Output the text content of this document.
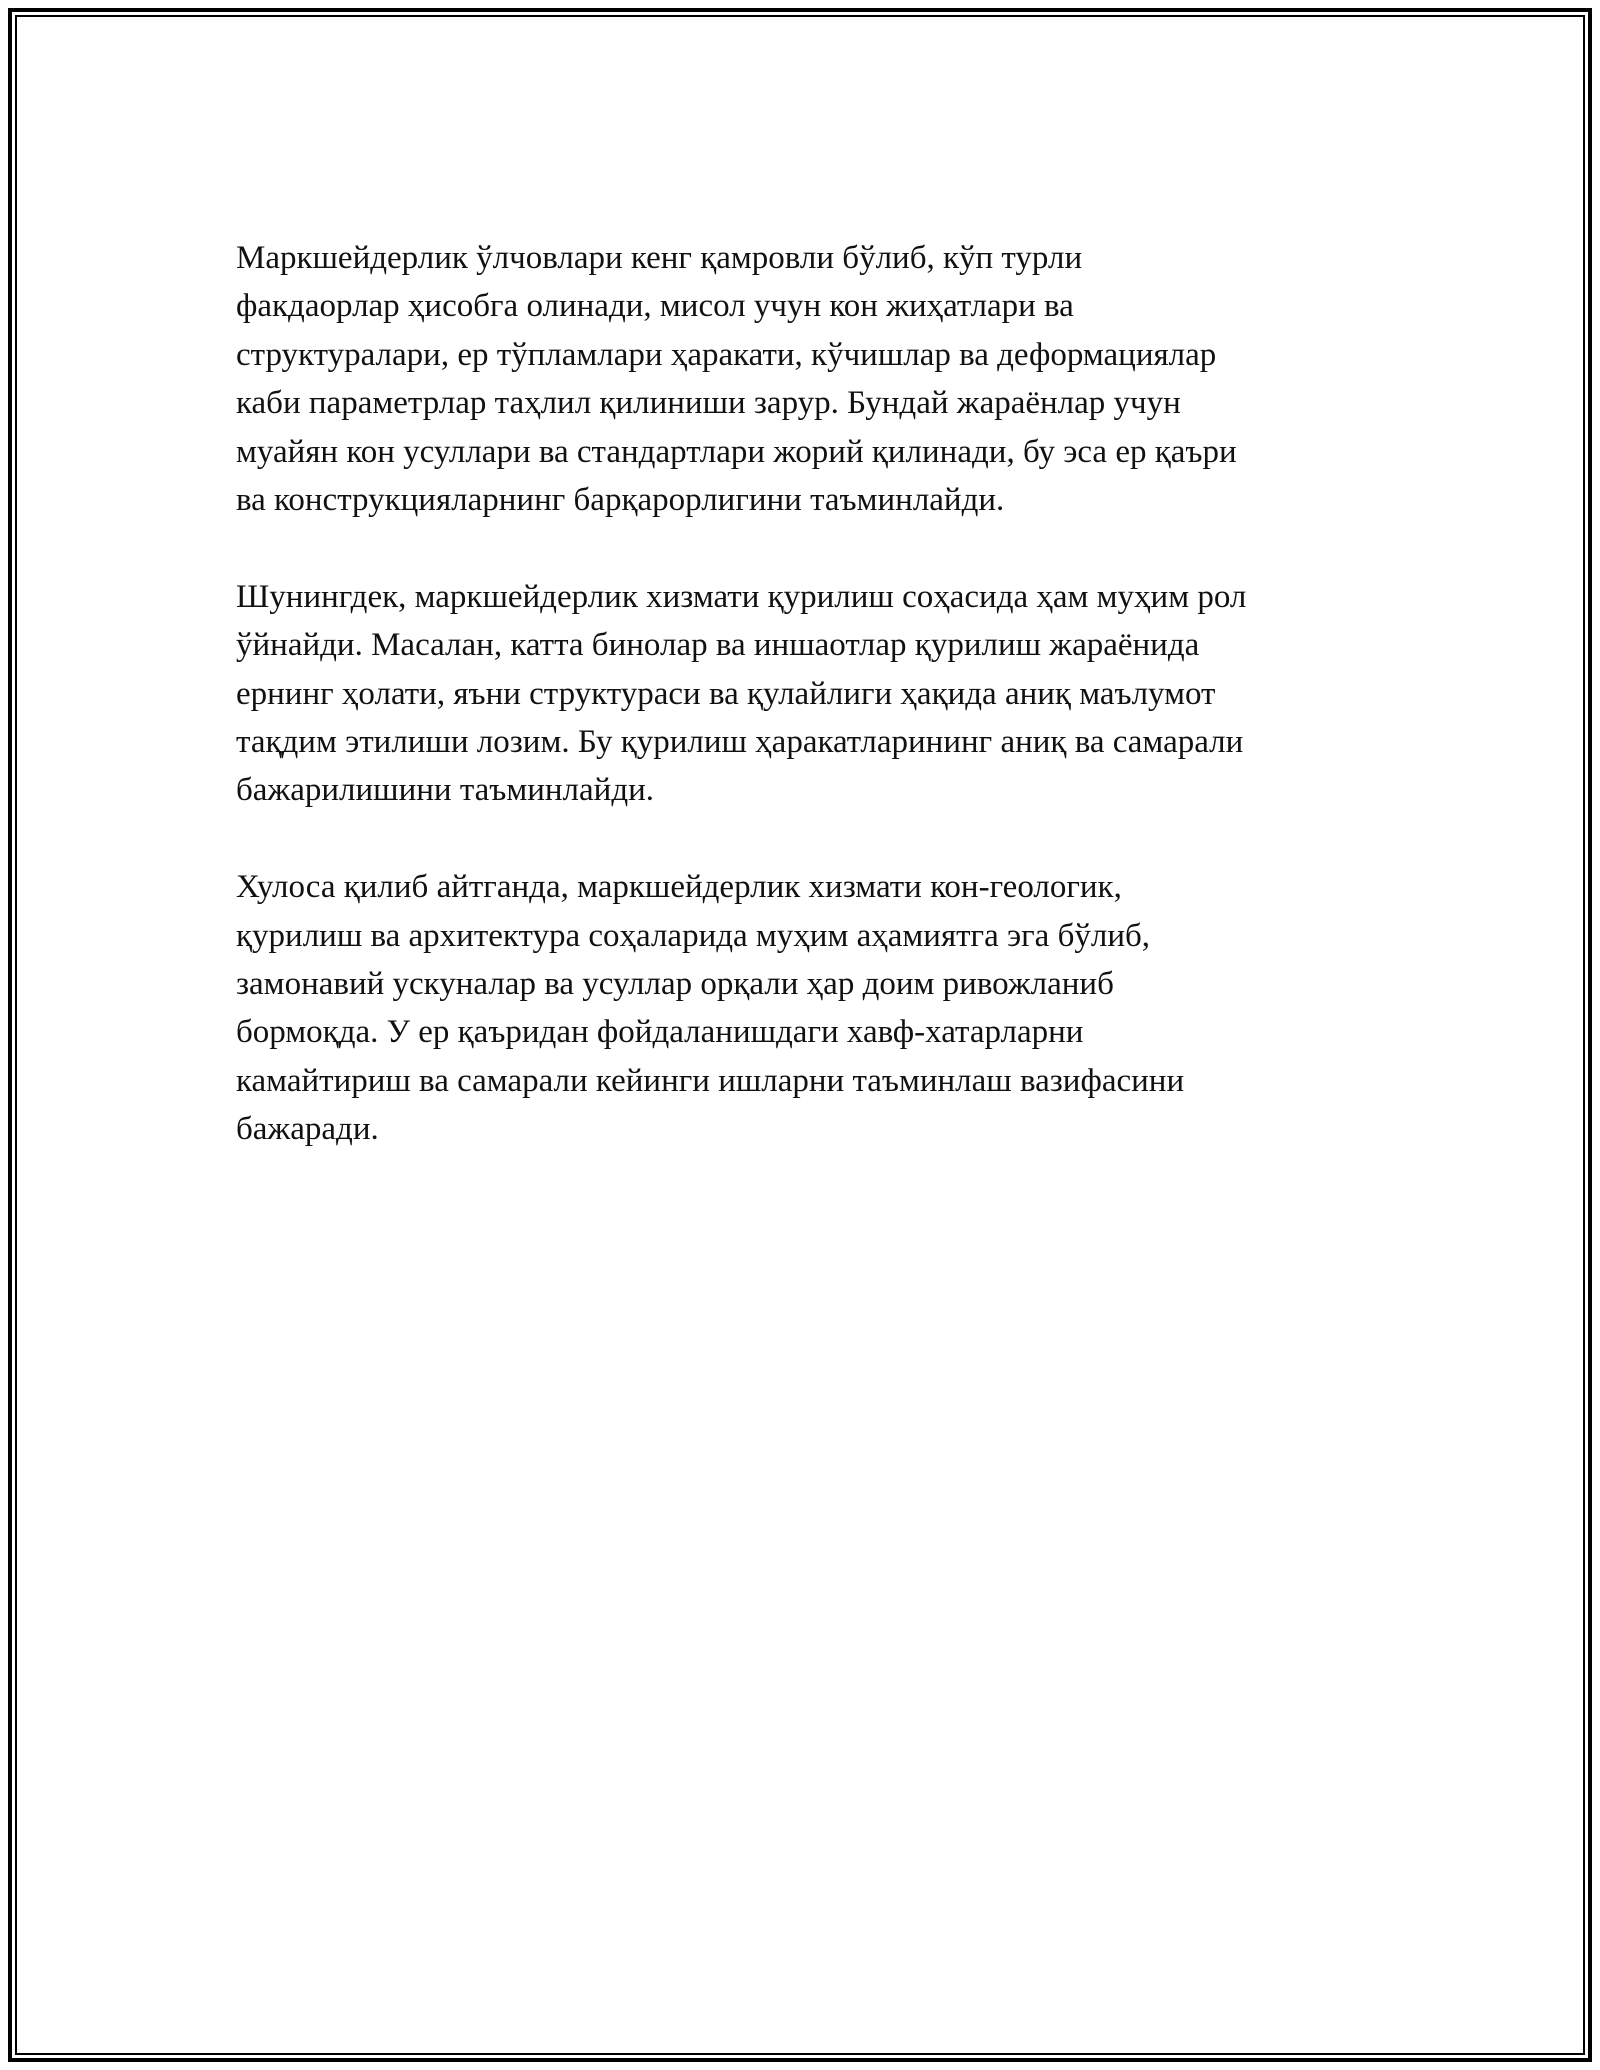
Маркшейдерлик ўлчовлари кенг қамровли бўлиб, кўп турли
факдаорлар ҳисобга олинади, мисол учун кон жиҳатлари ва
структуралари, ер тўпламлари ҳаракати, кўчишлар ва деформациялар
каби параметрлар таҳлил қилиниши зарур. Бундай жараёнлар учун
муайян кон усуллари ва стандартлари жорий қилинади, бу эса ер қаъри
ва конструкцияларнинг барқарорлигини таъминлайди.

Шунингдек, маркшейдерлик хизмати қурилиш соҳасида ҳам муҳим рол
ўйнайди. Масалан, катта бинолар ва иншаотлар қурилиш жараёнида
ернинг ҳолати, яъни структураси ва қулайлиги ҳақида аниқ маълумот
тақдим этилиши лозим. Бу қурилиш ҳаракатларининг аниқ ва самарали
бажарилишини таъминлайди.

Хулоса қилиб айтганда, маркшейдерлик хизмати кон-геологик,
қурилиш ва архитектура соҳаларида муҳим аҳамиятга эга бўлиб,
замонавий ускуналар ва усуллар орқали ҳар доим ривожланиб
бормоқда. У ер қаъридан фойдаланишдаги хавф-хатарларни
камайтириш ва самарали кейинги ишларни таъминлаш вазифасини
бажаради.
